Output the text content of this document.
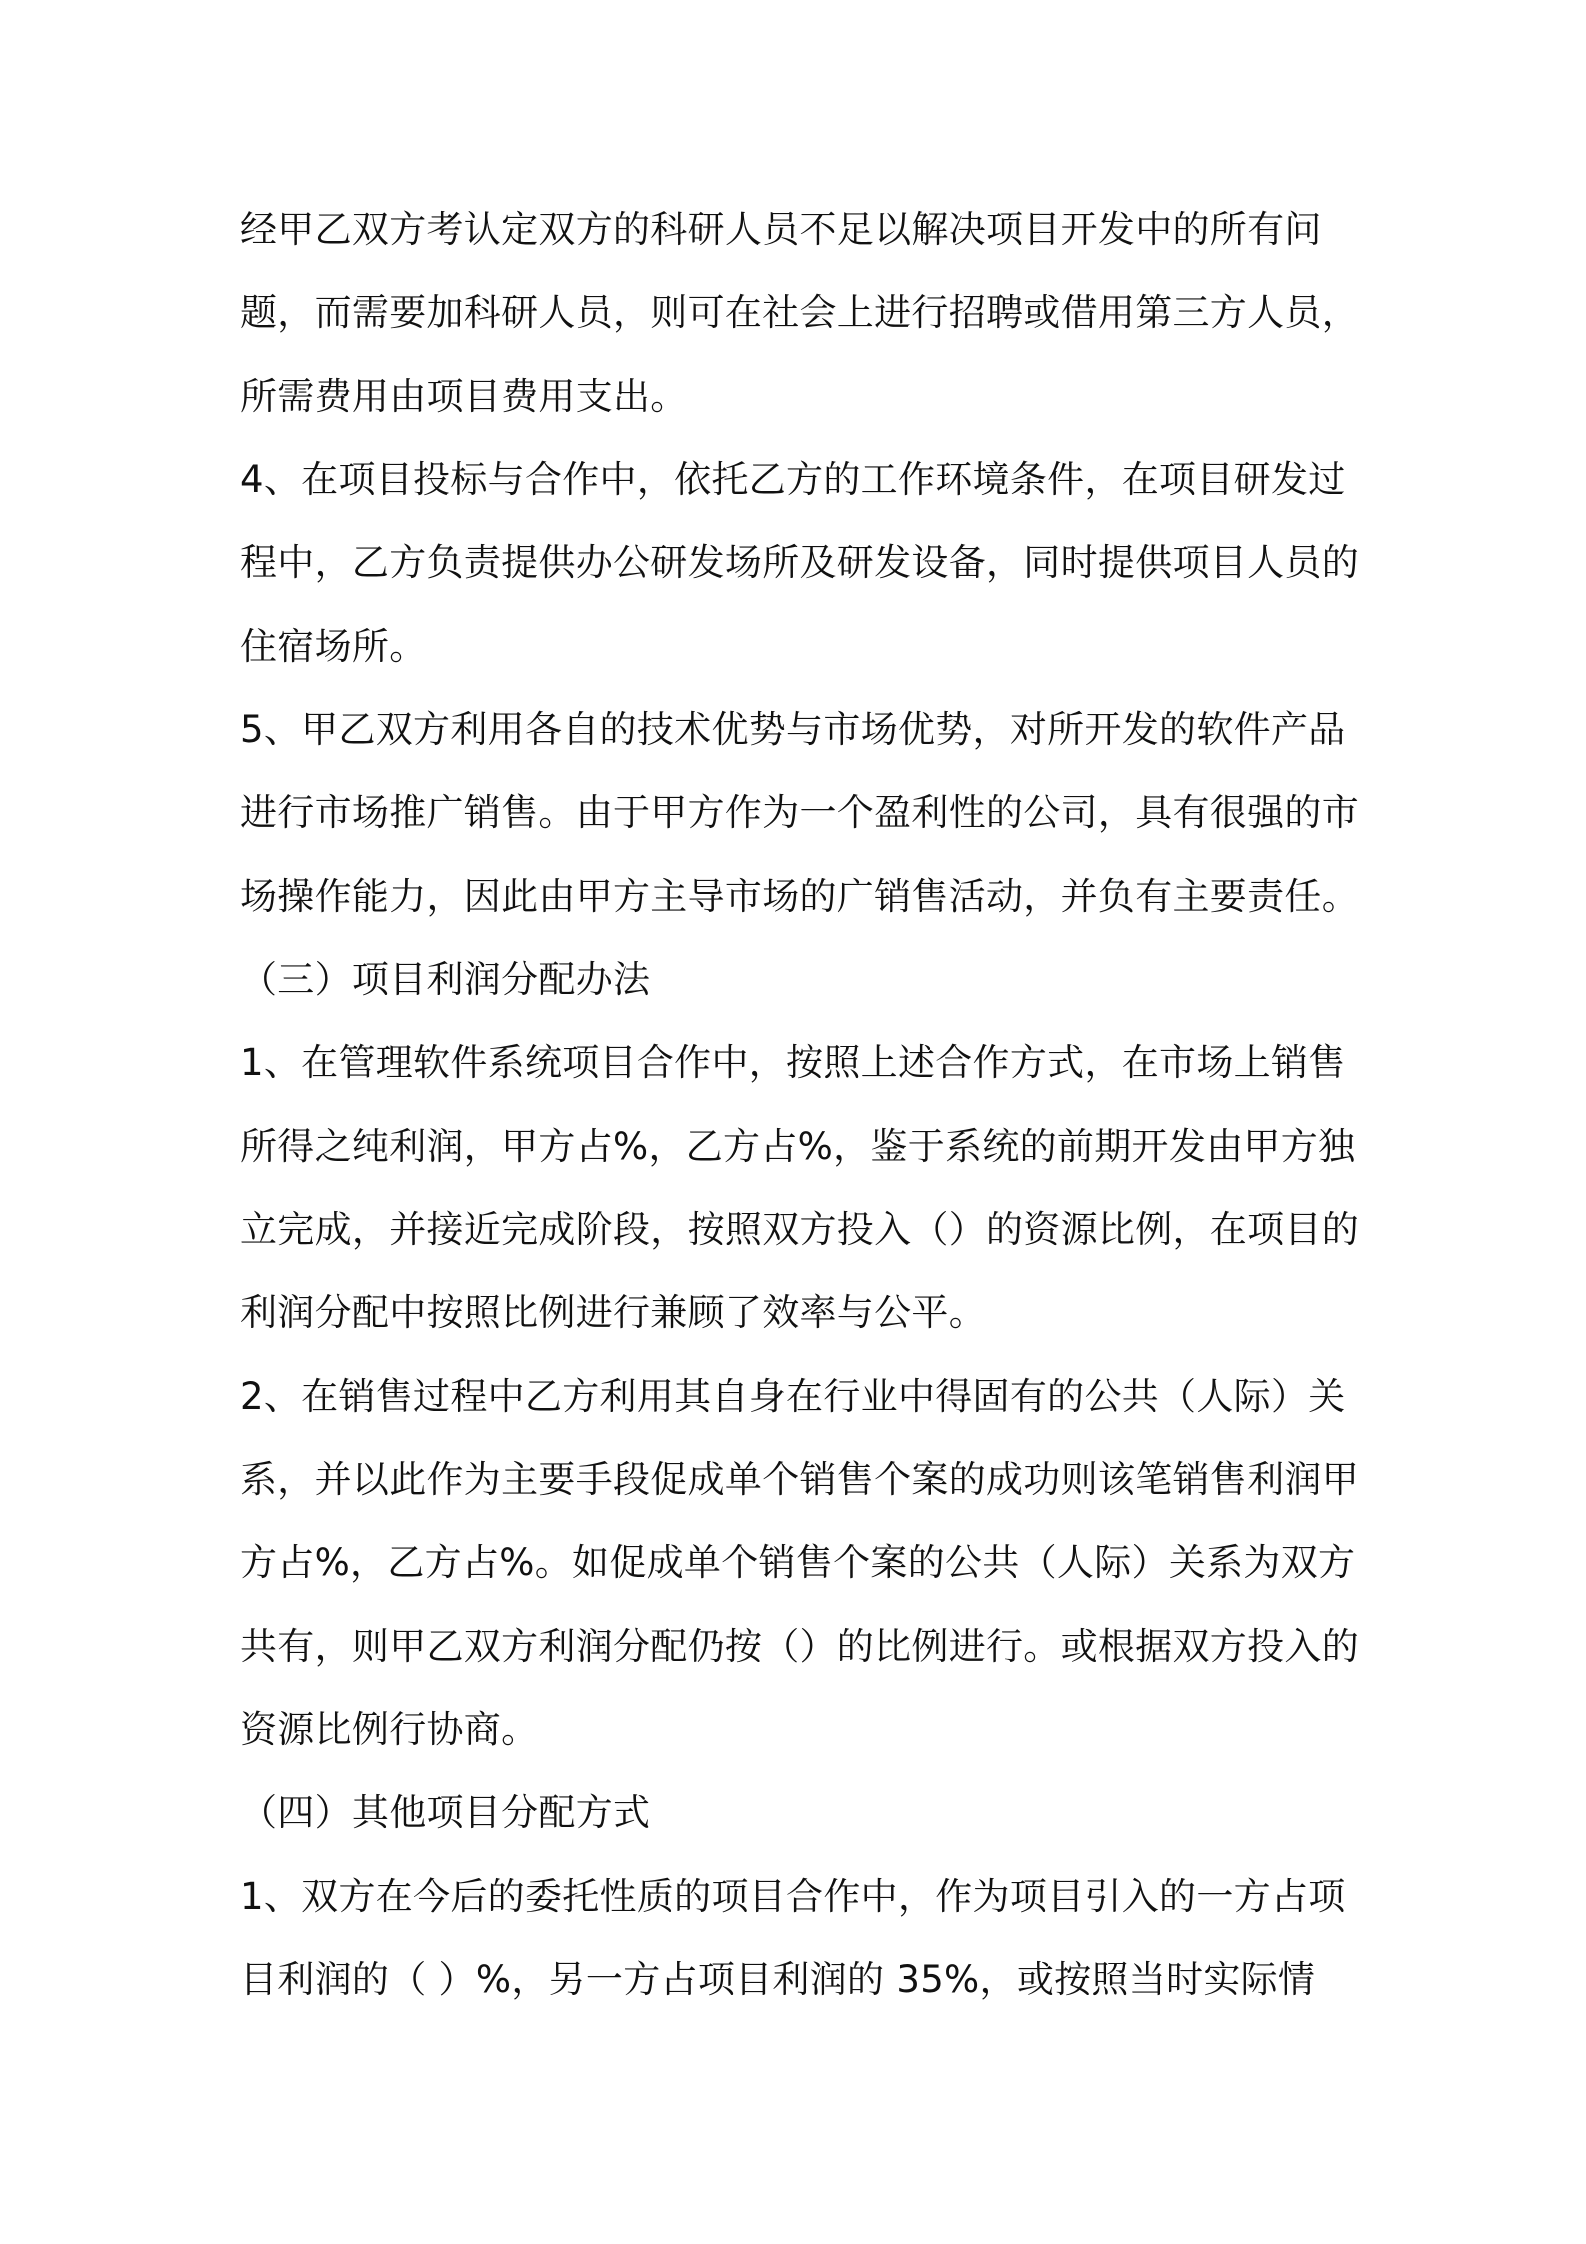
经甲乙双方考认定双方的科研人员不足以解决项目开发中的所有问

题，而需要加科研人员，则可在社会上进行招聘或借用第三方人员，

所需费用由项目费用支出。

4、在项目投标与合作中，依托乙方的工作环境条件，在项目研发过

程中，乙方负责提供办公研发场所及研发设备，同时提供项目人员的

住宿场所。

5、甲乙双方利用各自的技术优势与市场优势，对所开发的软件产品

进行市场推广销售。由于甲方作为一个盈利性的公司，具有很强的市

场操作能力，因此由甲方主导市场的广销售活动，并负有主要责任。

（三）项目利润分配办法

1、在管理软件系统项目合作中，按照上述合作方式，在市场上销售

所得之纯利润，甲方占%，乙方占%，鉴于系统的前期开发由甲方独

立完成，并接近完成阶段，按照双方投入（）的资源比例，在项目的

利润分配中按照比例进行兼顾了效率与公平。

2、在销售过程中乙方利用其自身在行业中得固有的公共（人际）关

系，并以此作为主要手段促成单个销售个案的成功则该笔销售利润甲

方占%，乙方占%。如促成单个销售个案的公共（人际）关系为双方

共有，则甲乙双方利润分配仍按（）的比例进行。或根据双方投入的

资源比例行协商。

（四）其他项目分配方式

1、双方在今后的委托性质的项目合作中，作为项目引入的一方占项

目利润的（ ）%，另一方占项目利润的 35%，或按照当时实际情
